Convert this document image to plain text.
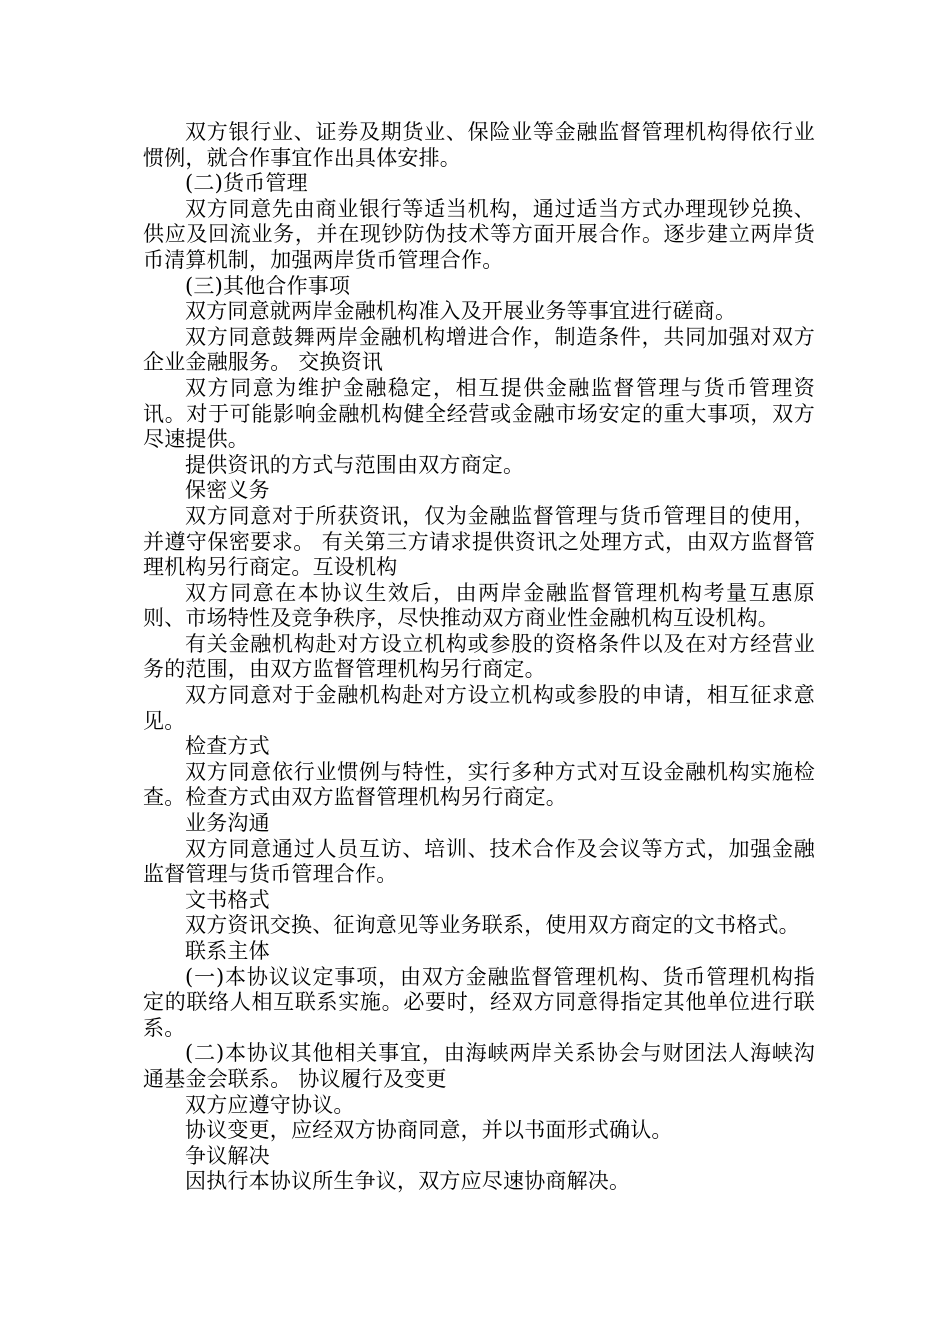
双方银行业、证券及期货业、保险业等金融监督管理机构得依行业惯例，就合作事宜作出具体安排。

(二)货币管理

双方同意先由商业银行等适当机构，通过适当方式办理现钞兑换、供应及回流业务，并在现钞防伪技术等方面开展合作。逐步建立两岸货币清算机制，加强两岸货币管理合作。

(三)其他合作事项

双方同意就两岸金融机构准入及开展业务等事宜进行磋商。

双方同意鼓舞两岸金融机构增进合作，制造条件，共同加强对双方企业金融服务。 交换资讯

双方同意为维护金融稳定，相互提供金融监督管理与货币管理资讯。对于可能影响金融机构健全经营或金融市场安定的重大事项，双方尽速提供。

提供资讯的方式与范围由双方商定。

保密义务

双方同意对于所获资讯，仅为金融监督管理与货币管理目的使用，并遵守保密要求。 有关第三方请求提供资讯之处理方式，由双方监督管理机构另行商定。互设机构

双方同意在本协议生效后，由两岸金融监督管理机构考量互惠原则、市场特性及竞争秩序，尽快推动双方商业性金融机构互设机构。

有关金融机构赴对方设立机构或参股的资格条件以及在对方经营业务的范围，由双方监督管理机构另行商定。

双方同意对于金融机构赴对方设立机构或参股的申请，相互征求意见。

检查方式

双方同意依行业惯例与特性，实行多种方式对互设金融机构实施检查。检查方式由双方监督管理机构另行商定。

业务沟通

双方同意通过人员互访、培训、技术合作及会议等方式，加强金融监督管理与货币管理合作。

文书格式

双方资讯交换、征询意见等业务联系，使用双方商定的文书格式。

联系主体

(一)本协议议定事项，由双方金融监督管理机构、货币管理机构指定的联络人相互联系实施。必要时，经双方同意得指定其他单位进行联系。

(二)本协议其他相关事宜，由海峡两岸关系协会与财团法人海峡沟通基金会联系。 协议履行及变更

双方应遵守协议。

协议变更，应经双方协商同意，并以书面形式确认。

争议解决

因执行本协议所生争议，双方应尽速协商解决。
